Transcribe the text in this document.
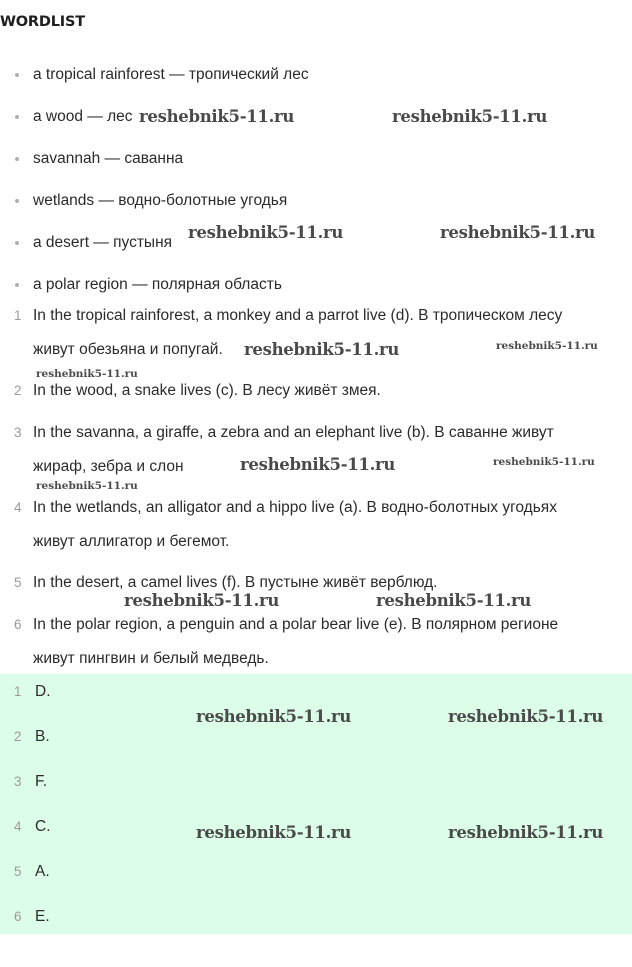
WORDLIST
a tropical rainforest — тропический лес
a wood — лес
savannah — саванна
wetlands — водно-болотные угодья
a desert — пустыня
a polar region — полярная область
1 In the tropical rainforest, a monkey and a parrot live (d). В тропическом лесу
живут обезьяна и попугай.
2 In the wood, a snake lives (c). В лесу живёт змея.
3 In the savanna, a giraffe, a zebra and an elephant live (b). В саванне живут
жираф, зебра и слон
4 In the wetlands, an alligator and a hippo live (a). В водно-болотных угодьях
живут аллигатор и бегемот.
5 In the desert, a camel lives (f). В пустыне живёт верблюд.
6 In the polar region, a penguin and a polar bear live (e). В полярном регионе
живут пингвин и белый медведь.
1 D.
2 B.
3 F.
4 C.
5 A.
6 E.
reshebnik5-11.ru	reshebnik5-11.ru
reshebnik5-11.ru	reshebnik5-11.ru
reshebnik5-11.ru	reshebnik5-11.ru
reshebnik5-11.ru
reshebnik5-11.ru	reshebnik5-11.ru
reshebnik5-11.ru
reshebnik5-11.ru	reshebnik5-11.ru
reshebnik5-11.ru	reshebnik5-11.ru
reshebnik5-11.ru	reshebnik5-11.ru
